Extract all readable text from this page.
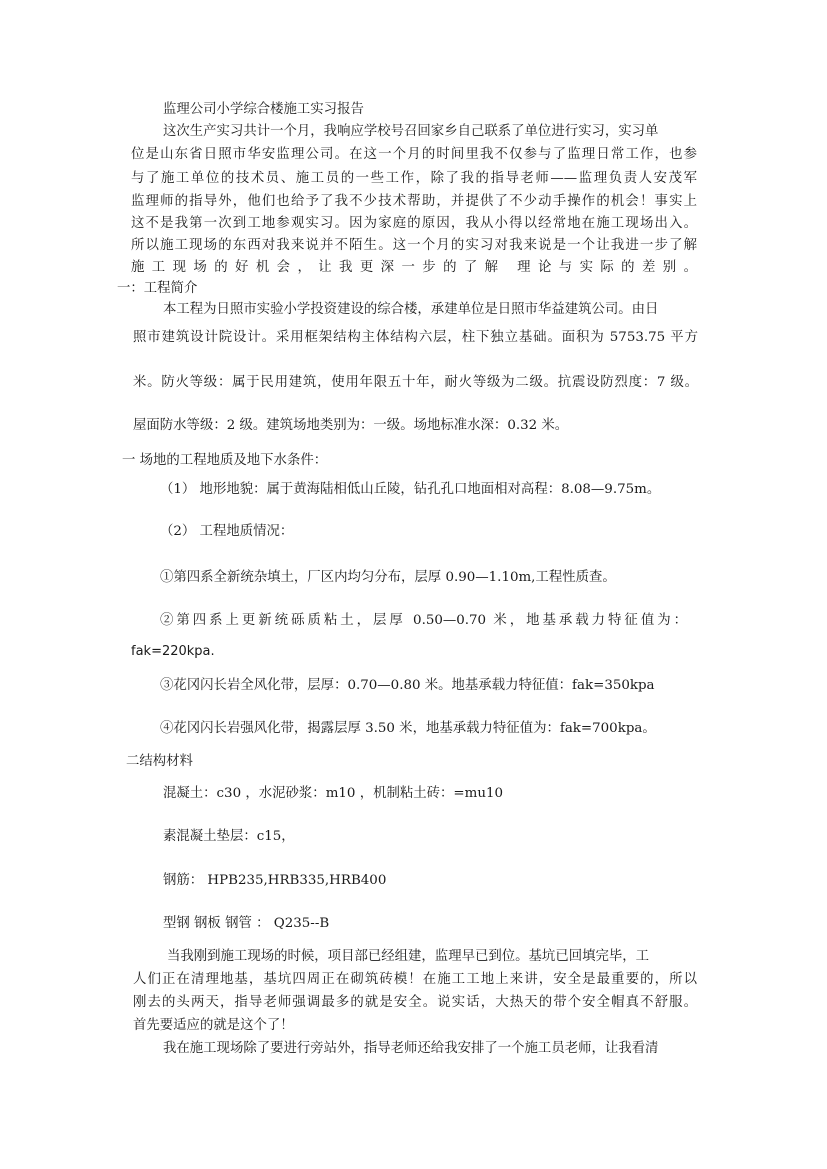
监理公司小学综合楼施工实习报告
这次生产实习共计一个月，我响应学校号召回家乡自己联系了单位进行实习，实习单
位是山东省日照市华安监理公司。在这一个月的时间里我不仅参与了监理日常工作，也参
与了施工单位的技术员、施工员的一些工作，除了我的指导老师——监理负责人安茂军
监理师的指导外，他们也给予了我不少技术帮助，并提供了不少动手操作的机会！事实上
这不是我第一次到工地参观实习。因为家庭的原因，我从小得以经常地在施工现场出入。
所以施工现场的东西对我来说并不陌生。这一个月的实习对我来说是一个让我进一步了解
施工现场的好机会，让我更深一步的了解 理论与实际的差别。
一：工程简介
本工程为日照市实验小学投资建设的综合楼，承建单位是日照市华益建筑公司。由日
照市建筑设计院设计。采用框架结构主体结构六层，柱下独立基础。面积为 5753.75 平方
米。防火等级：属于民用建筑，使用年限五十年，耐火等级为二级。抗震设防烈度：7 级。
屋面防水等级：2 级。建筑场地类别为：一级。场地标准水深：0.32 米。
一 场地的工程地质及地下水条件：
（1） 地形地貌：属于黄海陆相低山丘陵，钻孔孔口地面相对高程：8.08—9.75m。
（2） 工程地质情况：
①第四系全新统杂填土，厂区内均匀分布，层厚 0.90—1.10m,工程性质查。
②第四系上更新统砾质粘土，层厚 0.50—0.70 米，地基承载力特征值为：
fak=220kpa.
③花冈闪长岩全风化带，层厚：0.70—0.80 米。地基承载力特征值：fak=350kpa
④花冈闪长岩强风化带，揭露层厚 3.50 米，地基承载力特征值为：fak=700kpa。
二结构材料
混凝土：c30 ，水泥砂浆：m10 ，机制粘土砖：=mu10
素混凝土垫层：c15，
钢筋： HPB235,HRB335,HRB400
型钢 钢板 钢管 ： Q235--B
当我刚到施工现场的时候，项目部已经组建，监理早已到位。基坑已回填完毕，工
人们正在清理地基，基坑四周正在砌筑砖模！在施工工地上来讲，安全是最重要的，所以
刚去的头两天，指导老师强调最多的就是安全。说实话，大热天的带个安全帽真不舒服。
首先要适应的就是这个了！
我在施工现场除了要进行旁站外，指导老师还给我安排了一个施工员老师，让我看清
